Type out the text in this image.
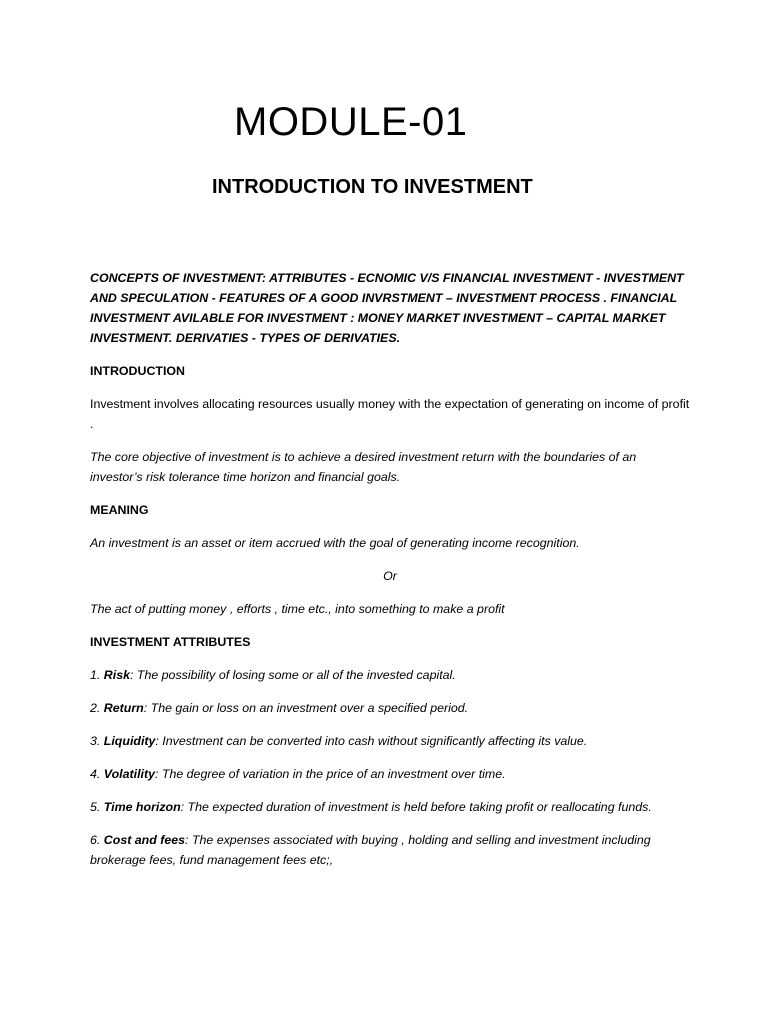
MODULE-01
INTRODUCTION TO INVESTMENT

CONCEPTS OF INVESTMENT: ATTRIBUTES - ECNOMIC V/S FINANCIAL INVESTMENT - INVESTMENT AND SPECULATION - FEATURES OF A GOOD INVRSTMENT – INVESTMENT PROCESS . FINANCIAL INVESTMENT AVILABLE FOR INVESTMENT : MONEY MARKET INVESTMENT – CAPITAL MARKET INVESTMENT. DERIVATIES - TYPES OF DERIVATIES.

INTRODUCTION

Investment involves allocating resources usually money with the expectation of generating on income of profit .

The core objective of investment is to achieve a desired investment return with the boundaries of an investor’s risk tolerance time horizon and financial goals.

MEANING

An investment is an asset or item accrued with the goal of generating income recognition.

Or

The act of putting money , efforts , time etc., into something to make a profit

INVESTMENT ATTRIBUTES

1. Risk: The possibility of losing some or all of the invested capital.

2. Return: The gain or loss on an investment over a specified period.

3. Liquidity: Investment can be converted into cash without significantly affecting its value.

4. Volatility: The degree of variation in the price of an investment over time.

5. Time horizon: The expected duration of investment is held before taking profit or reallocating funds.

6. Cost and fees: The expenses associated with buying , holding and selling and investment including brokerage fees, fund management fees etc;,
